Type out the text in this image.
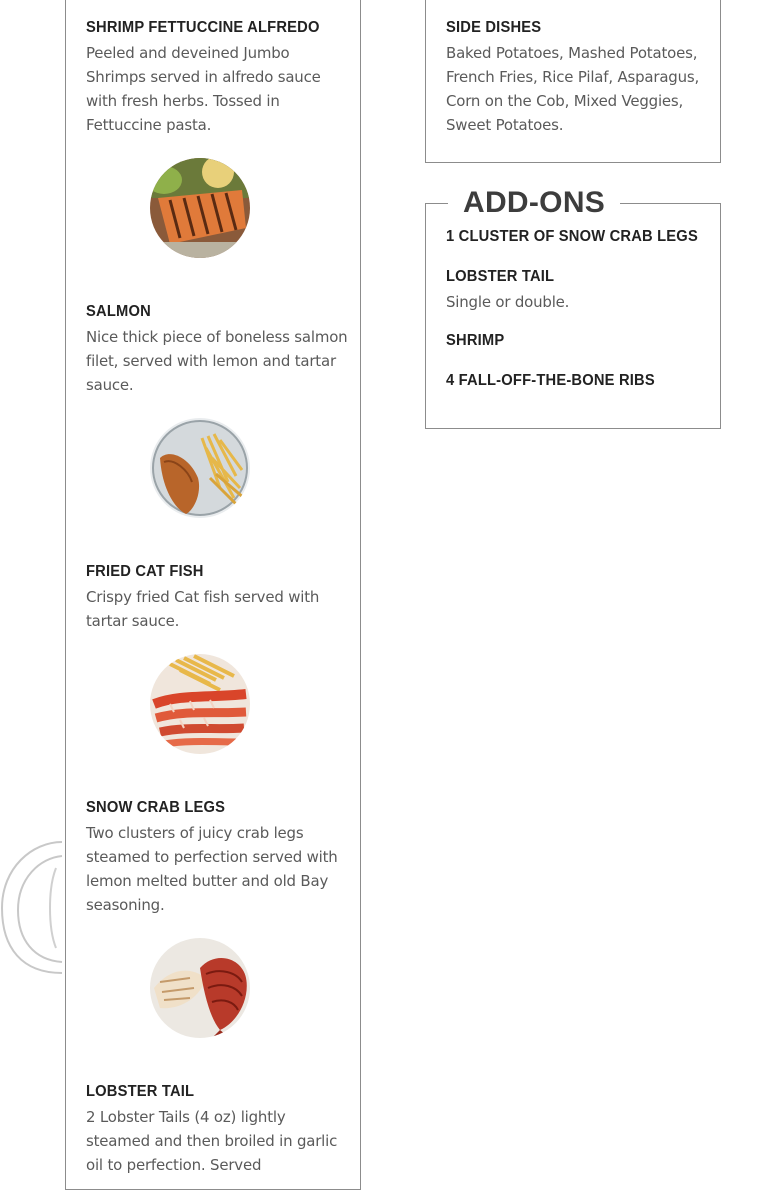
SHRIMP FETTUCCINE ALFREDO
Peeled and deveined Jumbo Shrimps served in alfredo sauce with fresh herbs. Tossed in Fettuccine pasta.
SALMON
Nice thick piece of boneless salmon filet, served with lemon and tartar sauce.
FRIED CAT FISH
Crispy fried Cat fish served with tartar sauce.
SNOW CRAB LEGS
Two clusters of juicy crab legs steamed to perfection served with lemon melted butter and old Bay seasoning.
LOBSTER TAIL
2 Lobster Tails (4 oz) lightly steamed and then broiled in garlic oil to perfection. Served
SIDE DISHES
Baked Potatoes, Mashed Potatoes, French Fries, Rice Pilaf, Asparagus, Corn on the Cob, Mixed Veggies, Sweet Potatoes.
ADD-ONS
1 CLUSTER OF SNOW CRAB LEGS
LOBSTER TAIL
Single or double.
SHRIMP
4 FALL-OFF-THE-BONE RIBS
